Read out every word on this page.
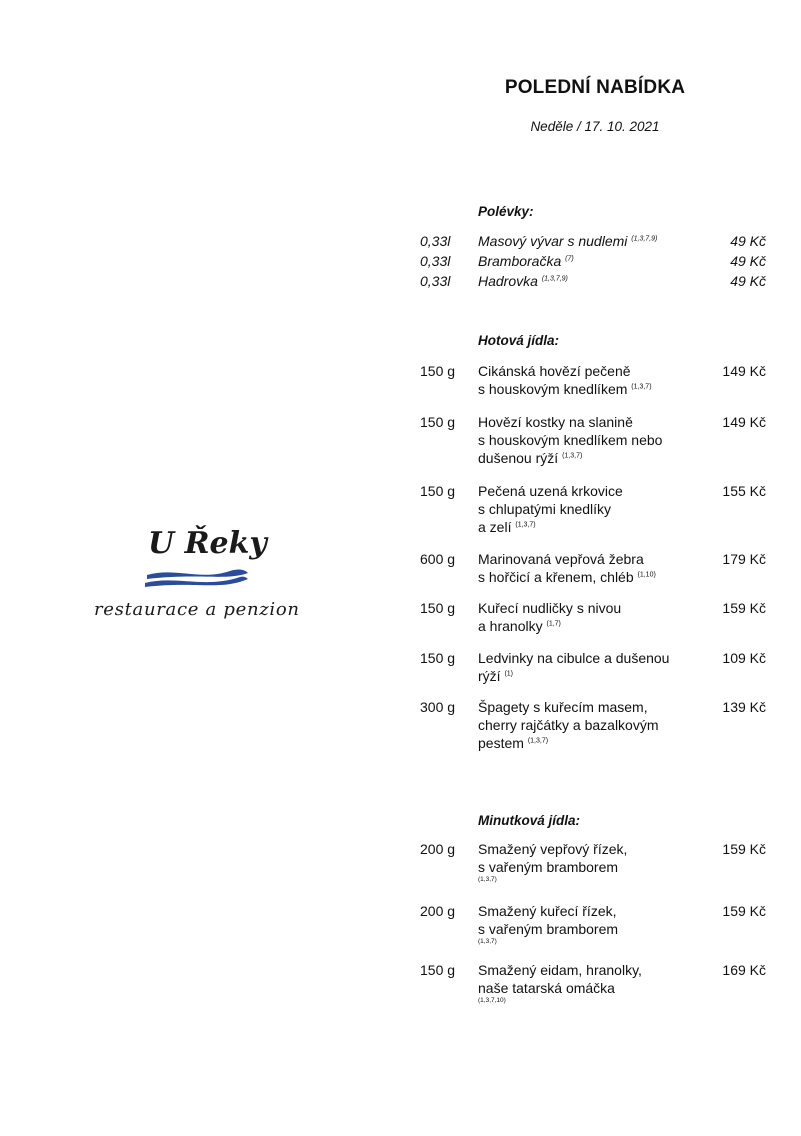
U Řeky
restaurace a penzion
POLEDNÍ NABÍDKA
Neděle / 17. 10. 2021
Polévky:
0,33l Masový vývar s nudlemi $^{(1,3,7,9)}$	49 Kč
0,33l Bramboračka $^{(7)}$	49 Kč
0,33l Hadrovka $^{(1,3,7,9)}$	49 Kč
Hotová jídla:
150 g Cikánská hovězí pečeně
s houskovým knedlíkem $^{(1,3,7)}$
149 Kč
150 g Hovězí kostky na slanině
s houskovým knedlíkem nebo
dušenou rýží $^{(1,3,7)}$
149 Kč
150 g Pečená uzená krkovice
s chlupatými knedlíky
a zelí $^{(1,3,7)}$
155 Kč
600 g Marinovaná vepřová žebra
s hořčicí a křenem, chléb $^{(1,10)}$
179 Kč
150 g Kuřecí nudličky s nivou
a hranolky $^{(1,7)}$
159 Kč
150 g Ledvinky na cibulce a dušenou
rýží $^{(1)}$
109 Kč
300 g Špagety s kuřecím masem,
cherry rajčátky a bazalkovým
pestem $^{(1,3,7)}$
139 Kč
Minutková jídla:
200 g Smažený vepřový řízek,
s vařeným bramborem
(1,3,7)
159 Kč
200 g Smažený kuřecí řízek,
s vařeným bramborem
(1,3,7)
159 Kč
150 g Smažený eidam, hranolky,
naše tatarská omáčka
(1,3,7,10)
169 Kč
